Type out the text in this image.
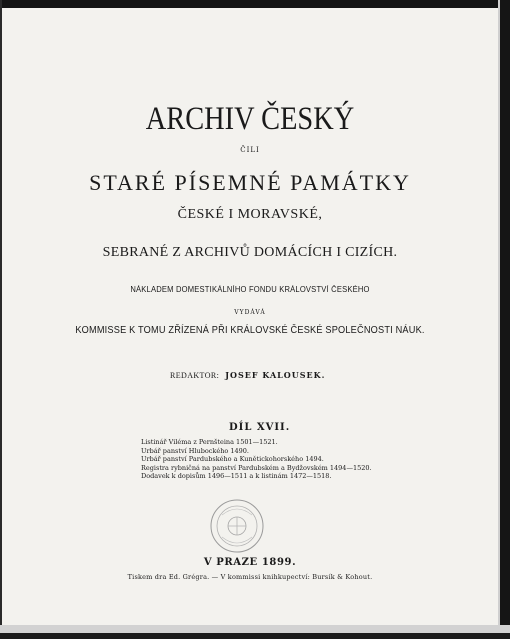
ARCHIV ČESKÝ
ČILI
STARÉ PÍSEMNÉ PAMÁTKY
ČESKÉ I MORAVSKÉ,
SEBRANÉ Z ARCHIVŮ DOMÁCÍCH I CIZÍCH.
NÁKLADEM DOMESTIKÁLNÍHO FONDU KRÁLOVSTVÍ ČESKÉHO
VYDÁVÁ
KOMMISSE K TOMU ZŘÍZENÁ PŘI KRÁLOVSKÉ ČESKÉ SPOLEČNOSTI NÁUK.
REDAKTOR: JOSEF KALOUSEK.
DÍL XVII.
Listinář Viléma z Pernšteina 1501—1521.
Urbář panství Hlubockého 1490.
Urbář panství Pardubského a Kunětickohorského 1494.
Registra rybničná na panství Pardubském a Bydžovském 1494—1520.
Dodavek k dopisům 1496—1511 a k listinám 1472—1518.
V PRAZE 1899.
Tiskem dra Ed. Grégra. — V kommissi knihkupectví: Bursík & Kohout.
